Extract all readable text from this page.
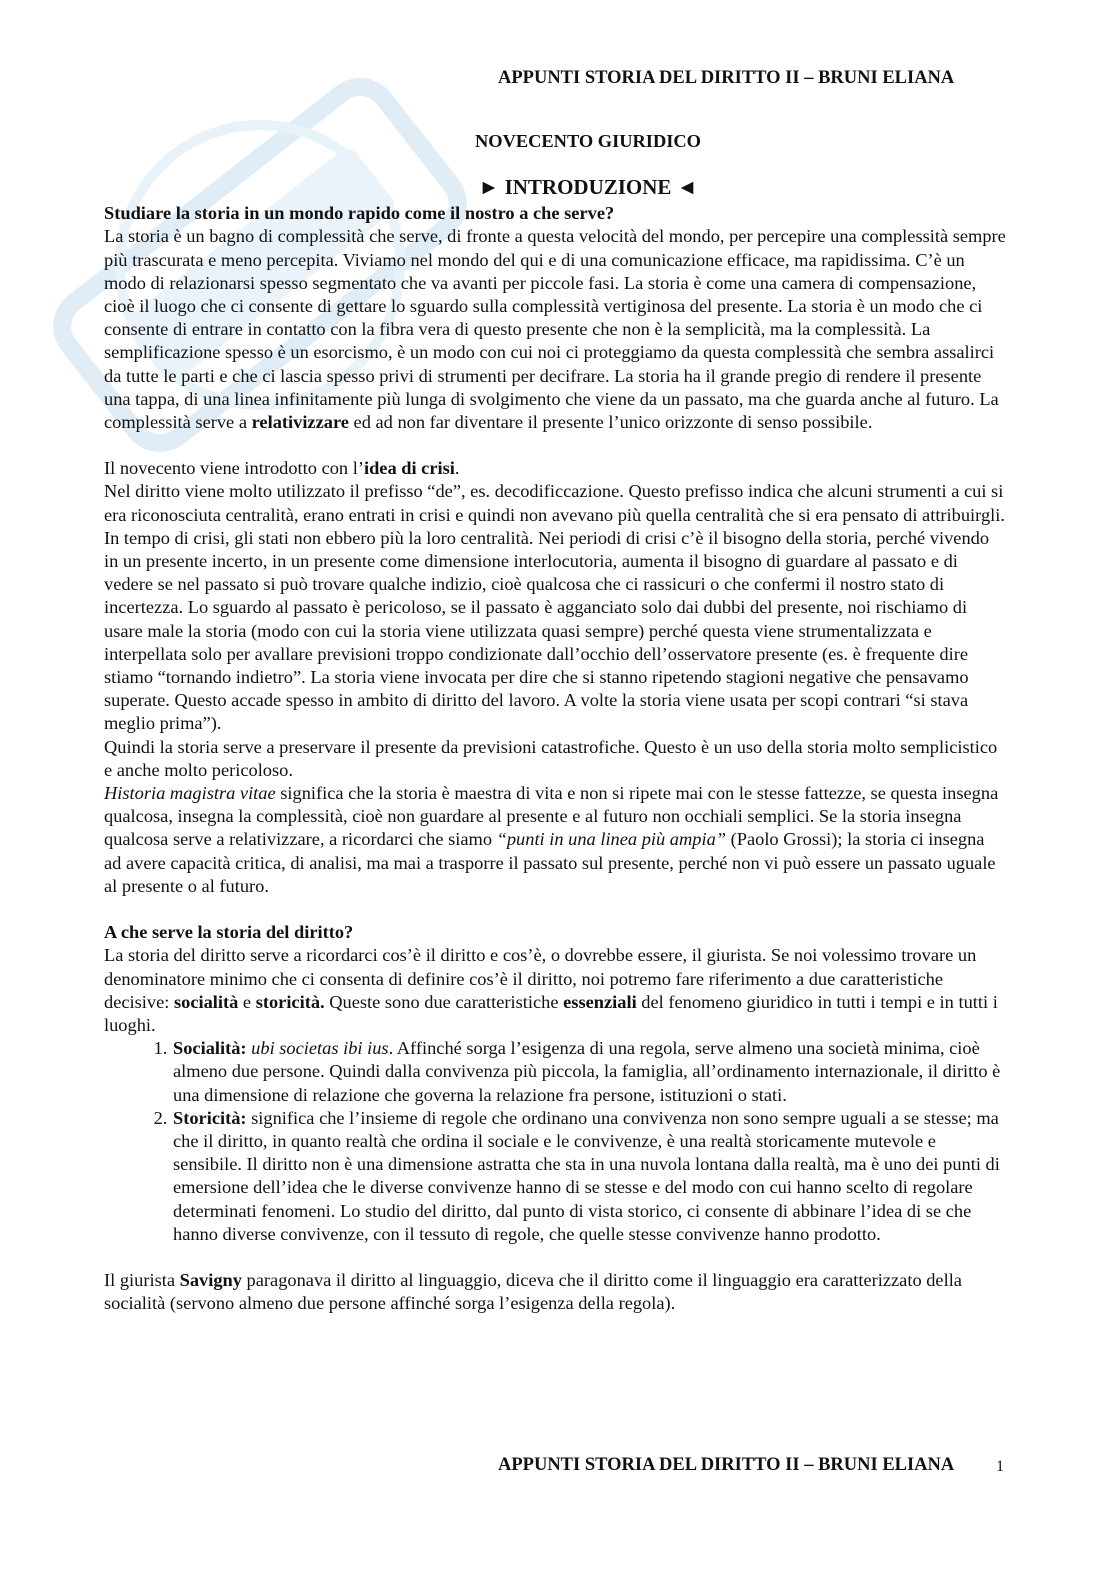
APPUNTI STORIA DEL DIRITTO II – BRUNI ELIANA

NOVECENTO GIURIDICO

► INTRODUZIONE ◄

Studiare la storia in un mondo rapido come il nostro a che serve?

La storia è un bagno di complessità che serve, di fronte a questa velocità del mondo, per percepire una complessità sempre più trascurata e meno percepita. Viviamo nel mondo del qui e di una comunicazione efficace, ma rapidissima. C’è un modo di relazionarsi spesso segmentato che va avanti per piccole fasi. La storia è come una camera di compensazione, cioè il luogo che ci consente di gettare lo sguardo sulla complessità vertiginosa del presente. La storia è un modo che ci consente di entrare in contatto con la fibra vera di questo presente che non è la semplicità, ma la complessità. La semplificazione spesso è un esorcismo, è un modo con cui noi ci proteggiamo da questa complessità che sembra assalirci da tutte le parti e che ci lascia spesso privi di strumenti per decifrare. La storia ha il grande pregio di rendere il presente una tappa, di una linea infinitamente più lunga di svolgimento che viene da un passato, ma che guarda anche al futuro. La complessità serve a relativizzare ed ad non far diventare il presente l’unico orizzonte di senso possibile.

Il novecento viene introdotto con l’idea di crisi.

Nel diritto viene molto utilizzato il prefisso “de”, es. decodificcazione. Questo prefisso indica che alcuni strumenti a cui si era riconosciuta centralità, erano entrati in crisi e quindi non avevano più quella centralità che si era pensato di attribuirgli. In tempo di crisi, gli stati non ebbero più la loro centralità. Nei periodi di crisi c’è il bisogno della storia, perché vivendo in un presente incerto, in un presente come dimensione interlocutoria, aumenta il bisogno di guardare al passato e di vedere se nel passato si può trovare qualche indizio, cioè qualcosa che ci rassicuri o che confermi il nostro stato di incertezza. Lo sguardo al passato è pericoloso, se il passato è agganciato solo dai dubbi del presente, noi rischiamo di usare male la storia (modo con cui la storia viene utilizzata quasi sempre) perché questa viene strumentalizzata e interpellata solo per avallare previsioni troppo condizionate dall’occhio dell’osservatore presente (es. è frequente dire stiamo “tornando indietro”. La storia viene invocata per dire che si stanno ripetendo stagioni negative che pensavamo superate. Questo accade spesso in ambito di diritto del lavoro. A volte la storia viene usata per scopi contrari “si stava meglio prima”).

Quindi la storia serve a preservare il presente da previsioni catastrofiche. Questo è un uso della storia molto semplicistico e anche molto pericoloso.

Historia magistra vitae significa che la storia è maestra di vita e non si ripete mai con le stesse fattezze, se questa insegna qualcosa, insegna la complessità, cioè non guardare al presente e al futuro non occhiali semplici. Se la storia insegna qualcosa serve a relativizzare, a ricordarci che siamo “punti in una linea più ampia” (Paolo Grossi); la storia ci insegna ad avere capacità critica, di analisi, ma mai a trasporre il passato sul presente, perché non vi può essere un passato uguale al presente o al futuro.

A che serve la storia del diritto?

La storia del diritto serve a ricordarci cos’è il diritto e cos’è, o dovrebbe essere, il giurista. Se noi volessimo trovare un denominatore minimo che ci consenta di definire cos’è il diritto, noi potremo fare riferimento a due caratteristiche decisive: socialità e storicità. Queste sono due caratteristiche essenziali del fenomeno giuridico in tutti i tempi e in tutti i luoghi.

1. Socialità: ubi societas ibi ius. Affinché sorga l’esigenza di una regola, serve almeno una società minima, cioè almeno due persone. Quindi dalla convivenza più piccola, la famiglia, all’ordinamento internazionale, il diritto è una dimensione di relazione che governa la relazione fra persone, istituzioni o stati.
2. Storicità: significa che l’insieme di regole che ordinano una convivenza non sono sempre uguali a se stesse; ma che il diritto, in quanto realtà che ordina il sociale e le convivenze, è una realtà storicamente mutevole e sensibile. Il diritto non è una dimensione astratta che sta in una nuvola lontana dalla realtà, ma è uno dei punti di emersione dell’idea che le diverse convivenze hanno di se stesse e del modo con cui hanno scelto di regolare determinati fenomeni. Lo studio del diritto, dal punto di vista storico, ci consente di abbinare l’idea di se che hanno diverse convivenze, con il tessuto di regole, che quelle stesse convivenze hanno prodotto.

Il giurista Savigny paragonava il diritto al linguaggio, diceva che il diritto come il linguaggio era caratterizzato della socialità (servono almeno due persone affinché sorga l’esigenza della regola).

APPUNTI STORIA DEL DIRITTO II – BRUNI ELIANA	1
